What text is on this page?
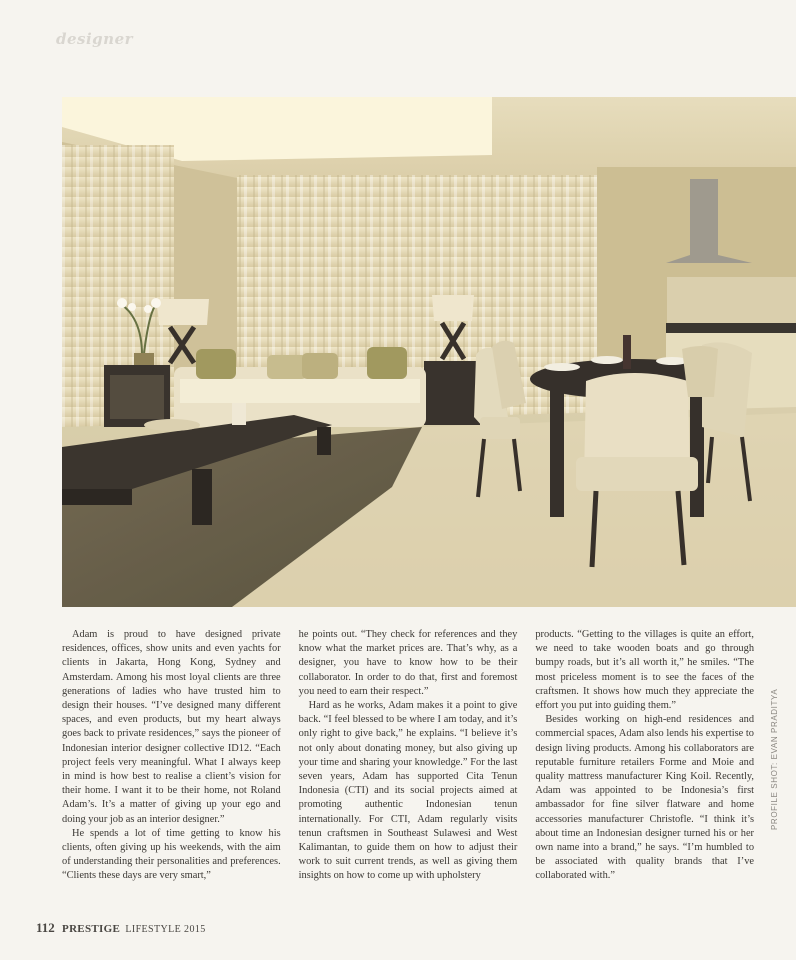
designer
PROFILE SHOT: EVAN PRADITYA

Adam is proud to have designed private residences, offices, show units and even yachts for clients in Jakarta, Hong Kong, Sydney and Amsterdam. Among his most loyal clients are three generations of ladies who have trusted him to design their houses. “I’ve designed many different spaces, and even products, but my heart always goes back to private residences,” says the pioneer of Indonesian interior designer collective ID12. “Each project feels very meaningful. What I always keep in mind is how best to realise a client’s vision for their home. I want it to be their home, not Roland Adam’s. It’s a matter of giving up your ego and doing your job as an interior designer.”

He spends a lot of time getting to know his clients, often giving up his weekends, with the aim of understanding their personalities and preferences. “Clients these days are very smart,”

he points out. “They check for references and they know what the market prices are. That’s why, as a designer, you have to know how to be their collaborator. In order to do that, first and foremost you need to earn their respect.”

Hard as he works, Adam makes it a point to give back. “I feel blessed to be where I am today, and it’s only right to give back,” he explains. “I believe it’s not only about donating money, but also giving up your time and sharing your knowledge.” For the last seven years, Adam has supported Cita Tenun Indonesia (CTI) and its social projects aimed at promoting authentic Indonesian tenun internationally. For CTI, Adam regularly visits tenun craftsmen in Southeast Sulawesi and West Kalimantan, to guide them on how to adjust their work to suit current trends, as well as giving them insights on how to come up with upholstery

products. “Getting to the villages is quite an effort, we need to take wooden boats and go through bumpy roads, but it’s all worth it,” he smiles. “The most priceless moment is to see the faces of the craftsmen. It shows how much they appreciate the effort you put into guiding them.”

Besides working on high-end residences and commercial spaces, Adam also lends his expertise to design living products. Among his collaborators are reputable furniture retailers Forme and Moie and quality mattress manufacturer King Koil. Recently, Adam was appointed to be Indonesia’s first ambassador for fine silver flatware and home accessories manufacturer Christofle. “I think it’s about time an Indonesian designer turned his or her own name into a brand,” he says. “I’m humbled to be associated with quality brands that I’ve collaborated with.”

112 PRESTIGE LIFESTYLE 2015
